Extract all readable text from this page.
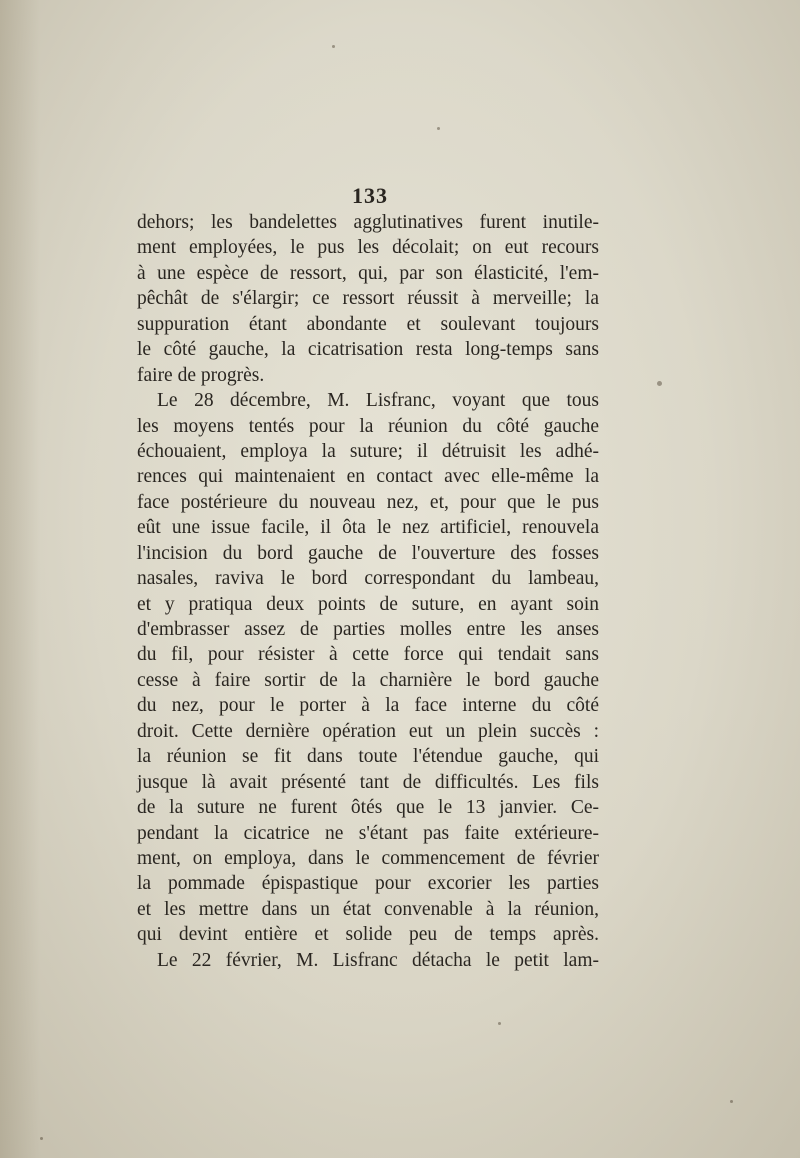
133
dehors; les bandelettes agglutinatives furent inutile-
ment employées, le pus les décolait; on eut recours
à une espèce de ressort, qui, par son élasticité, l'em-
pêchât de s'élargir; ce ressort réussit à merveille; la
suppuration étant abondante et soulevant toujours
le côté gauche, la cicatrisation resta long-temps sans
faire de progrès.
Le 28 décembre, M. Lisfranc, voyant que tous
les moyens tentés pour la réunion du côté gauche
échouaient, employa la suture; il détruisit les adhé-
rences qui maintenaient en contact avec elle-même la
face postérieure du nouveau nez, et, pour que le pus
eût une issue facile, il ôta le nez artificiel, renouvela
l'incision du bord gauche de l'ouverture des fosses
nasales, raviva le bord correspondant du lambeau,
et y pratiqua deux points de suture, en ayant soin
d'embrasser assez de parties molles entre les anses
du fil, pour résister à cette force qui tendait sans
cesse à faire sortir de la charnière le bord gauche
du nez, pour le porter à la face interne du côté
droit. Cette dernière opération eut un plein succès :
la réunion se fit dans toute l'étendue gauche, qui
jusque là avait présenté tant de difficultés. Les fils
de la suture ne furent ôtés que le 13 janvier. Ce-
pendant la cicatrice ne s'étant pas faite extérieure-
ment, on employa, dans le commencement de février
la pommade épispastique pour excorier les parties
et les mettre dans un état convenable à la réunion,
qui devint entière et solide peu de temps après.
Le 22 février, M. Lisfranc détacha le petit lam-
